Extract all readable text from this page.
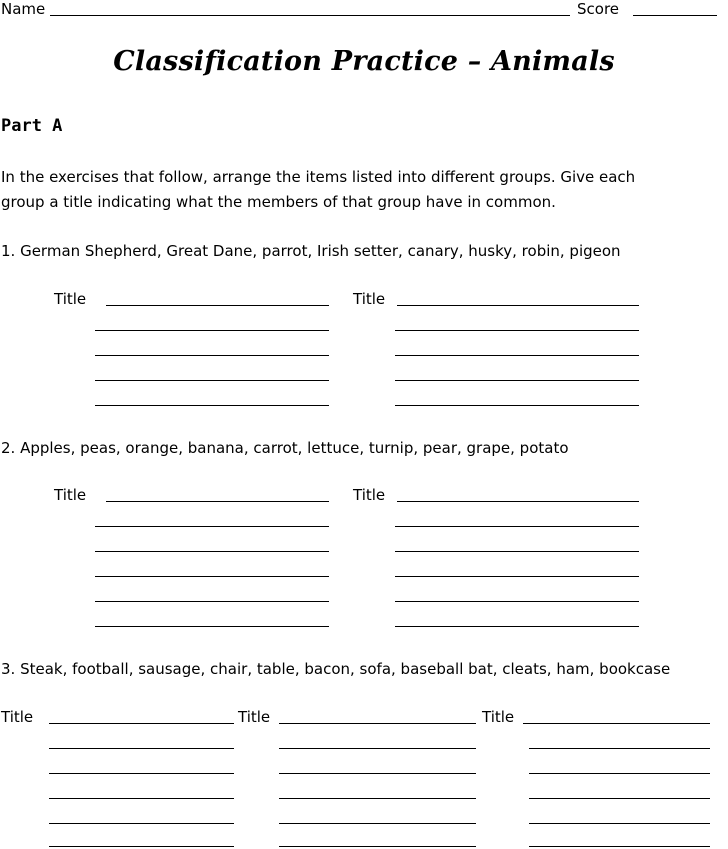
Name	Score
Classification Practice – Animals
Part A
In the exercises that follow, arrange the items listed into different groups. Give each
group a title indicating what the members of that group have in common.
1. German Shepherd, Great Dane, parrot, Irish setter, canary, husky, robin, pigeon
Title	Title
2. Apples, peas, orange, banana, carrot, lettuce, turnip, pear, grape, potato
Title	Title
3. Steak, football, sausage, chair, table, bacon, sofa, baseball bat, cleats, ham, bookcase
Title	Title	Title
